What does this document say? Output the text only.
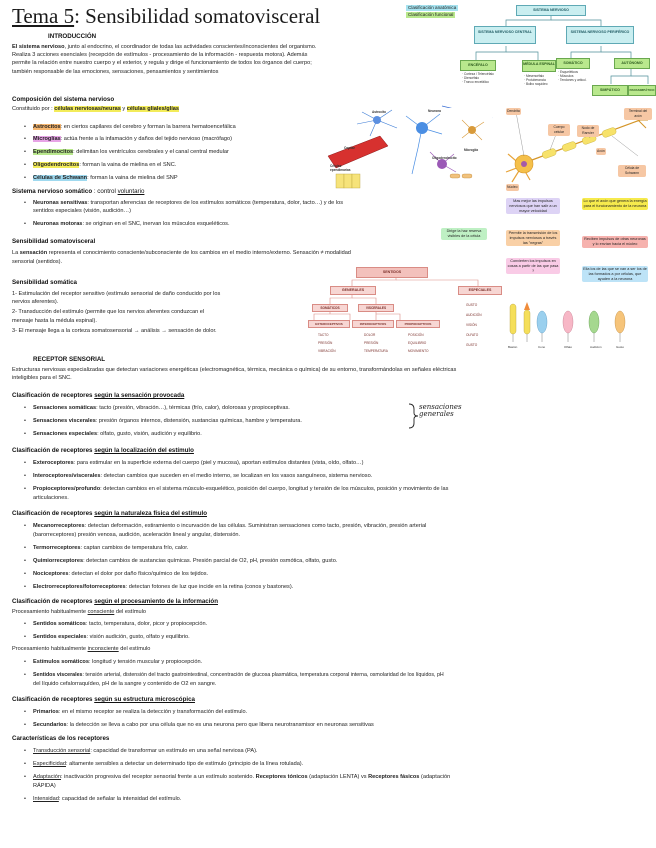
Tema 5: Sensibilidad somatovisceral
INTRODUCCIÓN
El sistema nervioso, junto al endocrino, el coordinador de todas las actividades conscientes/inconscientes del organismo.
Realiza 3 acciones esenciales (recepción de estímulos - procesamiento de la información - respuesta motora). Además
permite la relación entre nuestro cuerpo y el exterior, y regula y dirige el funcionamiento de todos los órganos del cuerpo;
también responsable de las emociones, sensaciones, pensamientos y sentimientos
Composición del sistema nervioso
Constituido por : células nerviosas/neuras y células gliales/glías
• Astrocitos: en ciertos capilares del cerebro y forman la barrera hematoencefálica
• Microglías: actúa frente a la infamación y daños del tejido nervioso (macrófago)
• Ependimocitos: delimitan los ventrículos cerebrales y el canal central medular
• Oligodendrocitos: forman la vaina de mielina en el SNC.
• Células de Schwann: forman la vaina de mielina del SNP
Sistema nervioso somático : control voluntario
• Neuronas sensitivas: transportan aferencias de receptores de los estímulos somáticos (temperatura, dolor, tacto…) y de los
sentidos especiales (visión, audición…)
• Neuronas motoras: se originan en el SNC, inervan los músculos esqueléticos.
Sensibilidad somatovisceral
La sensación representa el conocimiento consciente/subconsciente de los cambios en el medio interno/externo. Sensación ≠ modalidad
sensorial (sentidos).
Sensibilidad somática
1- Estimulación del receptor sensitivo (estímulo sensorial de daño conducido por los
nervios aferentes).
2- Transducción del estímulo (permite que los nervios aferentes conduzcan el
mensaje hasta la médula espinal).
3- El mensaje llega a la corteza somatosensorial → análisis → sensación de dolor.
RECEPTOR SENSORIAL
Estructuras nerviosas especializadas que detectan variaciones energéticas (electromagnética, térmica, mecánica o química) de su entorno, transformándolas en señales eléctricas
inteligibles para el SNC.
Clasificación de receptores según la sensación provocada
• Sensaciones somáticas: tacto (presión, vibración…), térmicas (frío, calor), dolorosas y propioceptivas.
• Sensaciones viscerales: presión órganos internos, distensión, sustancias químicas, hambre y temperatura.
• Sensaciones especiales: olfato, gusto, visión, audición y equilibrio.
sensaciones generales
Clasificación de receptores según la localización del estímulo
• Exteroceptores: para estimular en la superficie externa del cuerpo (piel y mucosa), aportan estímulos distantes (vista, oído, olfato…)
• Interoceptores/viscerales: detectan cambios que suceden en el medio interno, se localizan en los vasos sanguíneos, sistema nervioso.
• Propioceptores/profundo: detectan cambios en el sistema músculo-esquelético, posición del cuerpo, longitud y tensión de los músculos, posición y movimiento de las
articulaciones.
Clasificación de receptores según la naturaleza física del estímulo
• Mecanorreceptores: detectan deformación, estiramiento o incurvación de las células. Suministran sensaciones como tacto, presión, vibración, presión arterial
(barorreceptores) presión venosa, audición, aceleración lineal y angular, distensión.
• Termorreceptores: captan cambios de temperatura frío, calor.
• Quimiorreceptores: detectan cambios de sustancias químicas. Presión parcial de O2, pH, presión osmótica, olfato, gusto.
• Nociceptores: detectan el dolor por daño físico/químico de los tejidos.
• Electrorreceptores/fotorreceptores: detectan fotones de luz que incide en la retina (conos y bastones).
Clasificación de receptores según el procesamiento de la información
Procesamiento habitualmente consciente del estímulo
• Sentidos somáticos: tacto, temperatura, dolor, picor y propiocepción.
• Sentidos especiales: visión audición, gusto, olfato y equilibrio.
Procesamiento habitualmente inconsciente del estímulo
• Estímulos somáticos: longitud y tensión muscular y propiocepción.
• Sentidos viscerales: tensión arterial, distensión del tracto gastrointestinal, concentración de glucosa plasmática, temperatura corporal interna, osmolaridad de los líquidos, pH
del líquido cefalorraquídeo, pH de la sangre y contenido de O2 en sangre.
Clasificación de receptores según su estructura microscópica
• Primarios: en el mismo receptor se realiza la detección y transformación del estímulo.
• Secundarios: la detección se lleva a cabo por una célula que no es una neurona pero que libera neurotransmisor en neuronas sensitivas
Características de los receptores
• Transducción sensorial: capacidad de transformar un estímulo en una señal nerviosa (PA).
• Especificidad: altamente sensibles a detectar un determinado tipo de estímulo (principio de la línea rotulada).
• Adaptación: inactivación progresiva del receptor sensorial frente a un estímulo sostenido. Receptores tónicos (adaptación LENTA) vs Receptores fásicos (adaptación
RÁPIDA)
• Intensidad: capacidad de señalar la intensidad del estímulo.
Clasificación anatómica
Clasificación funcional
SISTEMA NERVIOSO
SISTEMA NERVIOSO CENTRAL	SISTEMA NERVIOSO PERIFÉRICO
ENCÉFALO	MÉDULA ESPINAL	SOMÁTICO	AUTÓNOMO
SIMPÁTICO	PARASIMPÁTICO
· Corteza / Telencéfalo
· Diencéfalo
· Tronco encefálico
· Mesencéfalo
· Protuberancia
· Bulbo raquídeo
· Esqueléticos
· Músculos
· Tendones y articul.
Astrocito	Neurona
Microglía
Células ependimarias
Capilar
Oligodendrocito
Dendrita
Cuerpo celular
Nodo de Ranvier
Terminal del axón
Célula de Schwann
Núcleo
Axón
Dirige la haz reserva visibles de la célula
Mas mejor las impulsos nerviosos que han salir a un mayor velocidad
Lo que el axón que genera la energía para el funcionamiento de la neurona
Permite la transmisión de los impulsos nerviosos a través las "negras"
Reciben impulsos de otras neuronas y lo envían hacia el núcleo
Convierten los impulsos en cosas a partir de las que pasa ?	Ella los de las que se van a ser los de las formados a por células, que ayuden a la neurona
SENTIDOS
GENERALES	ESPECIALES
SOMÁTICOS	VISCERALES
EXTEROCEPTIVOS	INTEROCEPTIVOS	PROPIOCEPTIVOS
TACTO
PRESIÓN
VIBRACIÓN
DOLOR
PRESIÓN
TEMPERATURA
POSICIÓN
EQUILIBRIO
MOVIMIENTO
GUSTO
AUDICIÓN
VISIÓN
OLFATO
GUSTO	Bastón	Cono	Olfato	Audición	Gusto
